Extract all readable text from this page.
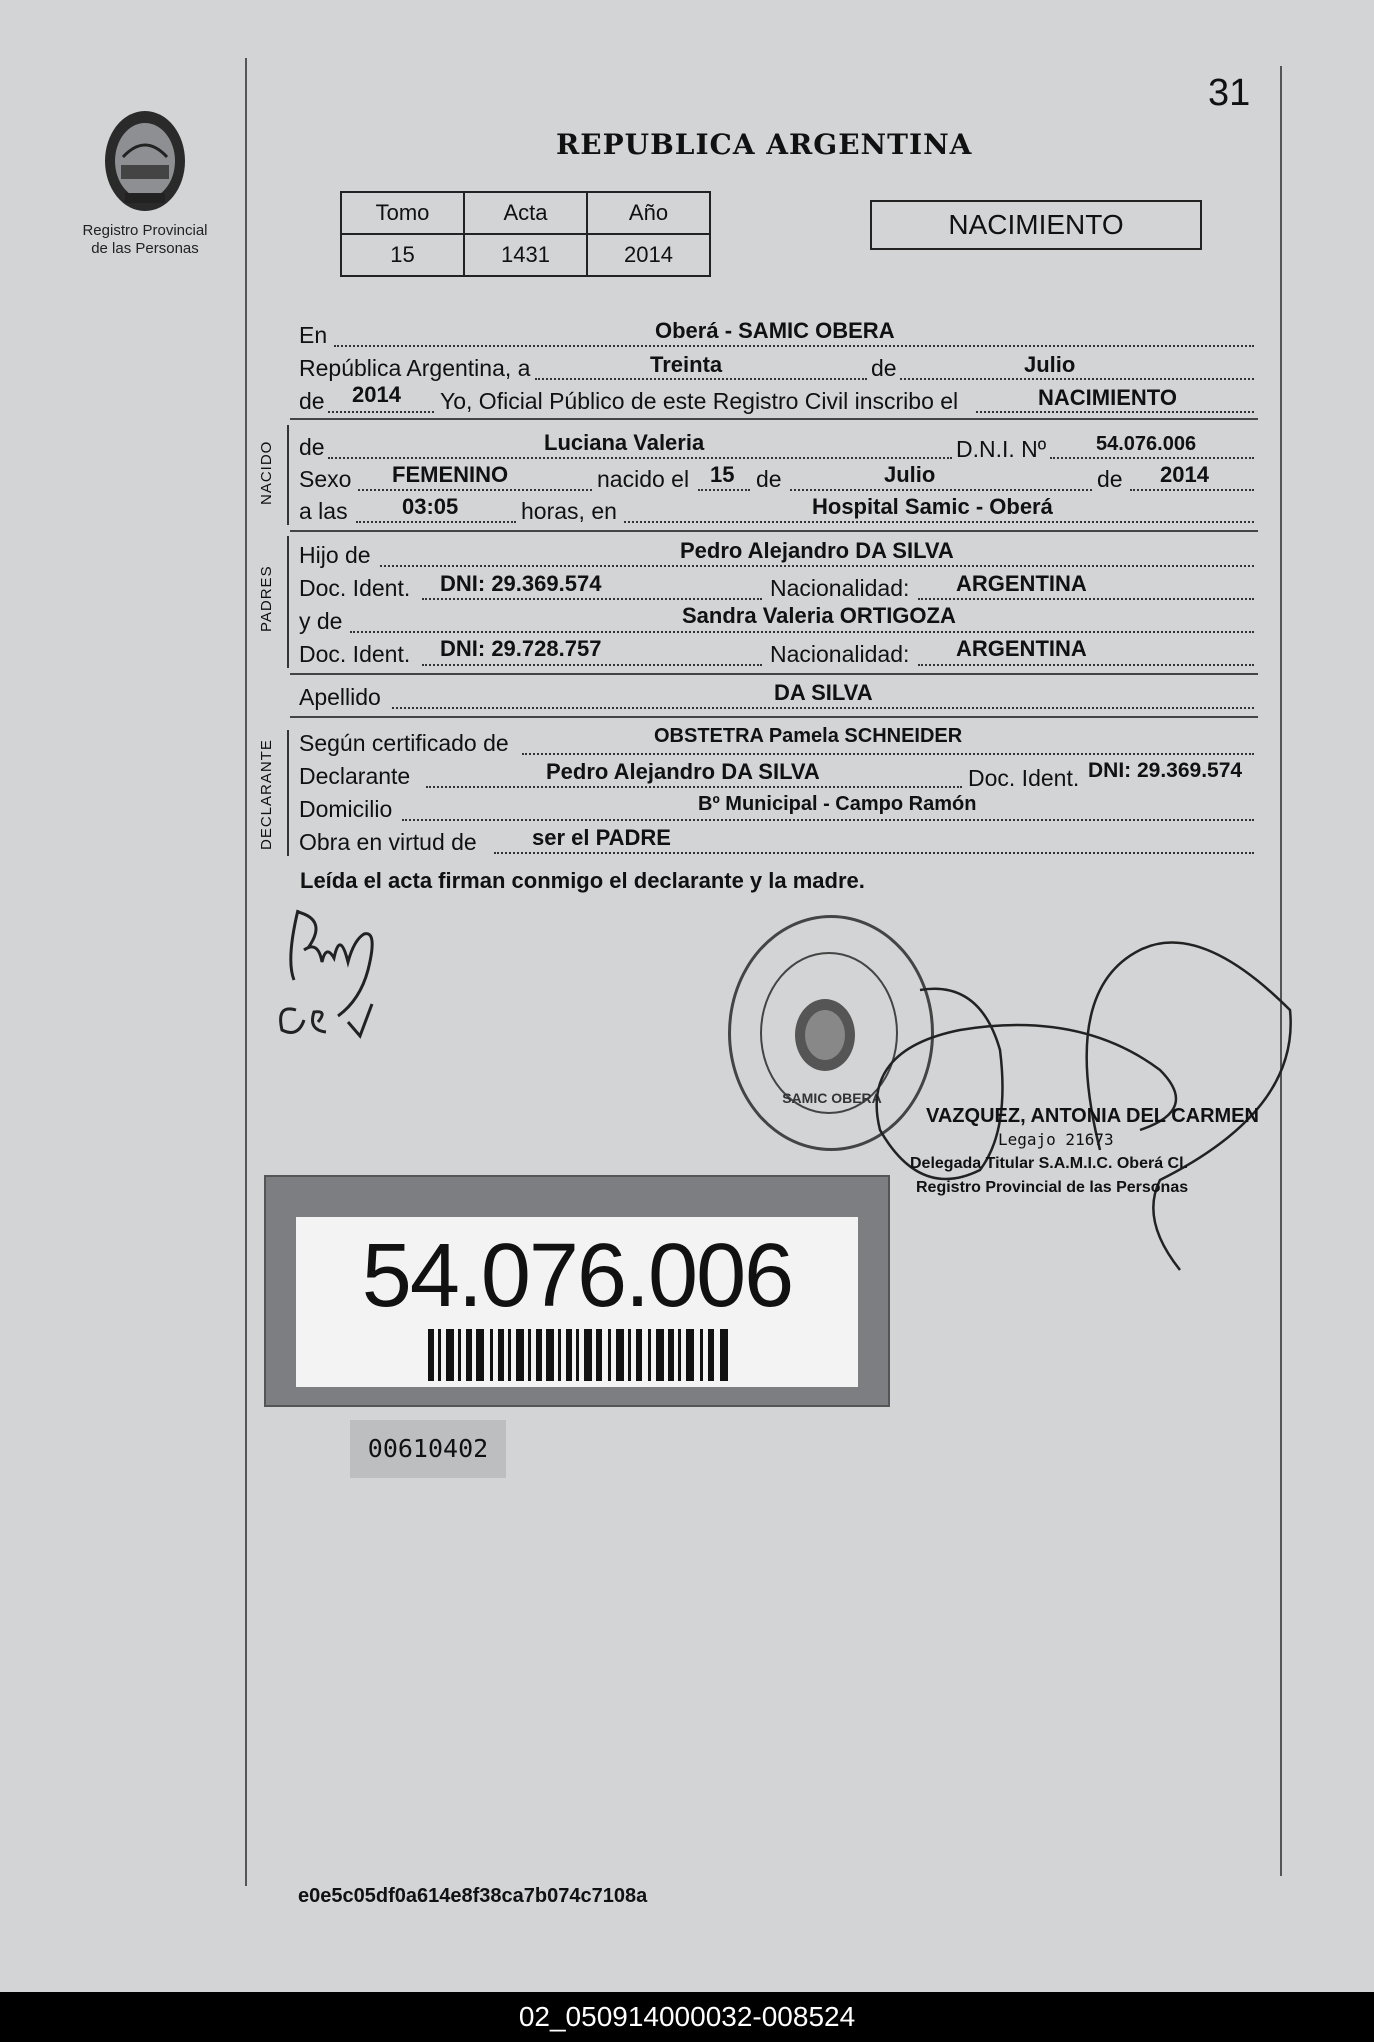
Registro Provincial
de las Personas
31
REPUBLICA ARGENTINA
Tomo	Acta	Año
15	1431	2014
NACIMIENTO
En	Oberá - SAMIC OBERA
República Argentina, a	Treinta	de	Julio
de 2014 Yo, Oficial Público de este Registro Civil inscribo el	NACIMIENTO
NACIDO de	Luciana Valeria	D.N.I. Nº 54.076.006
Sexo FEMENINO	nacido el 15 de	Julio	de 2014
a las 03:05	horas, en	Hospital Samic - Oberá
PADRES
Hijo de	Pedro Alejandro DA SILVA
Doc. Ident. DNI: 29.369.574	Nacionalidad: ARGENTINA
y de	Sandra Valeria ORTIGOZA
Doc. Ident. DNI: 29.728.757	Nacionalidad: ARGENTINA
Apellido	DA SILVA
DECLARANTE Según certificado de	OBSTETRA Pamela SCHNEIDER
Declarante	Pedro Alejandro DA SILVA	Doc. Ident. DNI: 29.369.574
Domicilio	Bº Municipal - Campo Ramón
Obra en virtud de	ser el PADRE
Leída el acta firman conmigo el declarante y la madre.
SAMIC OBERA
VAZQUEZ, ANTONIA DEL CARMEN
Legajo 21673
Delegada Titular S.A.M.I.C. Oberá Cl.
Registro Provincial de las Personas
54.076.006
00610402
e0e5c05df0a614e8f38ca7b074c7108a
02_050914000032-008524
